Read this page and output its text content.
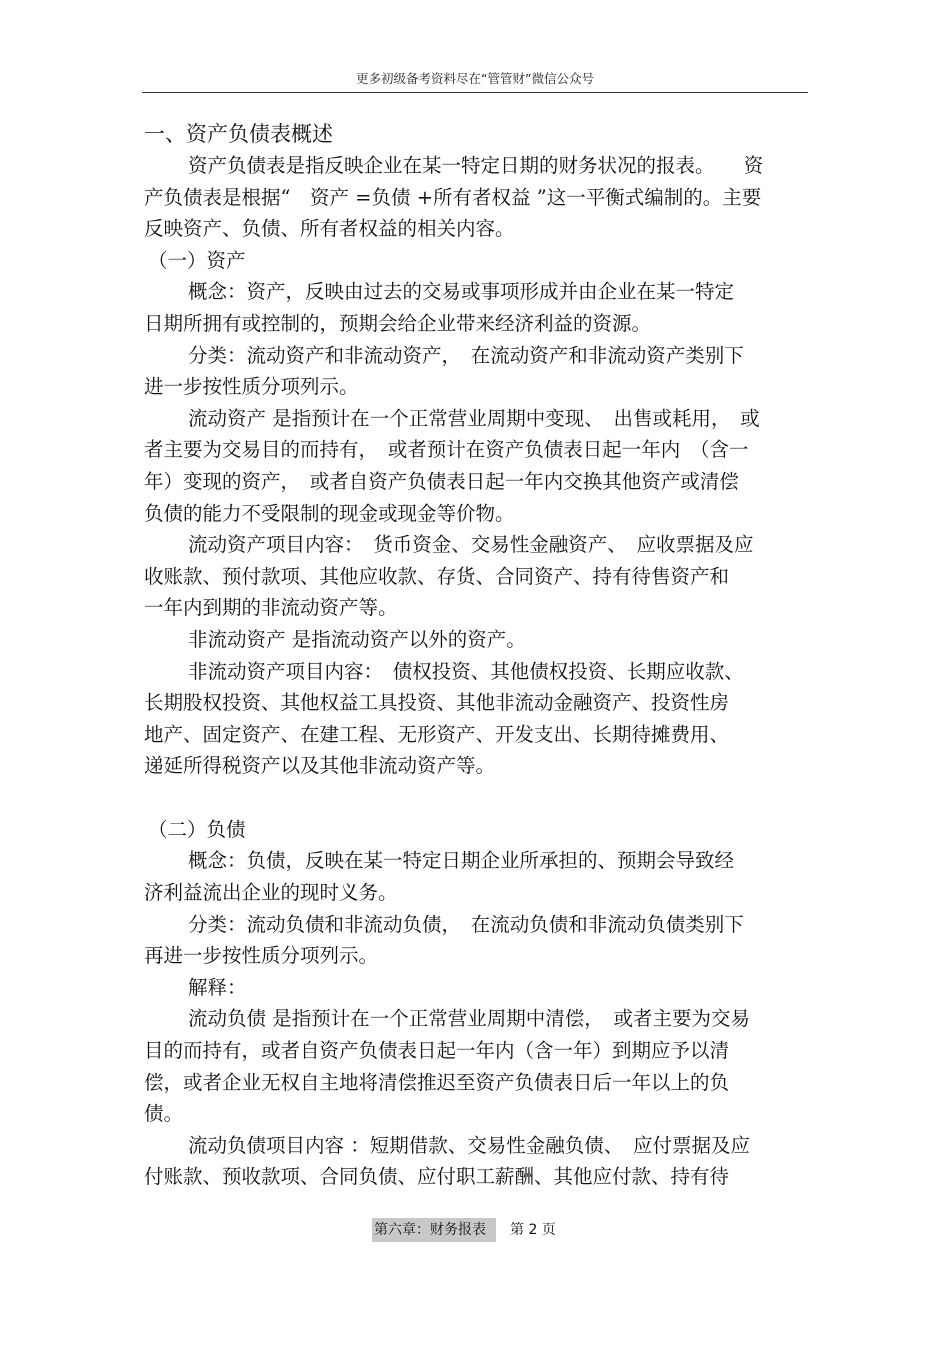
更多初级备考资料尽在“管管财”微信公众号
一、资产负债表概述
资产负债表是指反映企业在某一特定日期的财务状况的报表。　　资
产负债表是根据“　资产 =负债 +所有者权益 ”这一平衡式编制的。主要
反映资产、负债、所有者权益的相关内容。
（一）资产
概念：资产，反映由过去的交易或事项形成并由企业在某一特定
日期所拥有或控制的，预期会给企业带来经济利益的资源。
分类：流动资产和非流动资产，　在流动资产和非流动资产类别下
进一步按性质分项列示。
流动资产 是指预计在一个正常营业周期中变现、　出售或耗用，　或
者主要为交易目的而持有，　或者预计在资产负债表日起一年内　（含一
年）变现的资产，　或者自资产负债表日起一年内交换其他资产或清偿
负债的能力不受限制的现金或现金等价物。
流动资产项目内容：　货币资金、交易性金融资产、　应收票据及应
收账款、预付款项、其他应收款、存货、合同资产、持有待售资产和
一年内到期的非流动资产等。
非流动资产 是指流动资产以外的资产。
非流动资产项目内容：　债权投资、其他债权投资、长期应收款、
长期股权投资、其他权益工具投资、其他非流动金融资产、投资性房
地产、固定资产、在建工程、无形资产、开发支出、长期待摊费用、
递延所得税资产以及其他非流动资产等。
（二）负债
概念：负债，反映在某一特定日期企业所承担的、预期会导致经
济利益流出企业的现时义务。
分类：流动负债和非流动负债，　在流动负债和非流动负债类别下
再进一步按性质分项列示。
解释：
流动负债 是指预计在一个正常营业周期中清偿，　或者主要为交易
目的而持有，或者自资产负债表日起一年内（含一年）到期应予以清
偿，或者企业无权自主地将清偿推迟至资产负债表日后一年以上的负
债。
流动负债项目内容 ：短期借款、交易性金融负债、　应付票据及应
付账款、预收款项、合同负债、应付职工薪酬、其他应付款、持有待
第六章：财务报表 第 2 页
